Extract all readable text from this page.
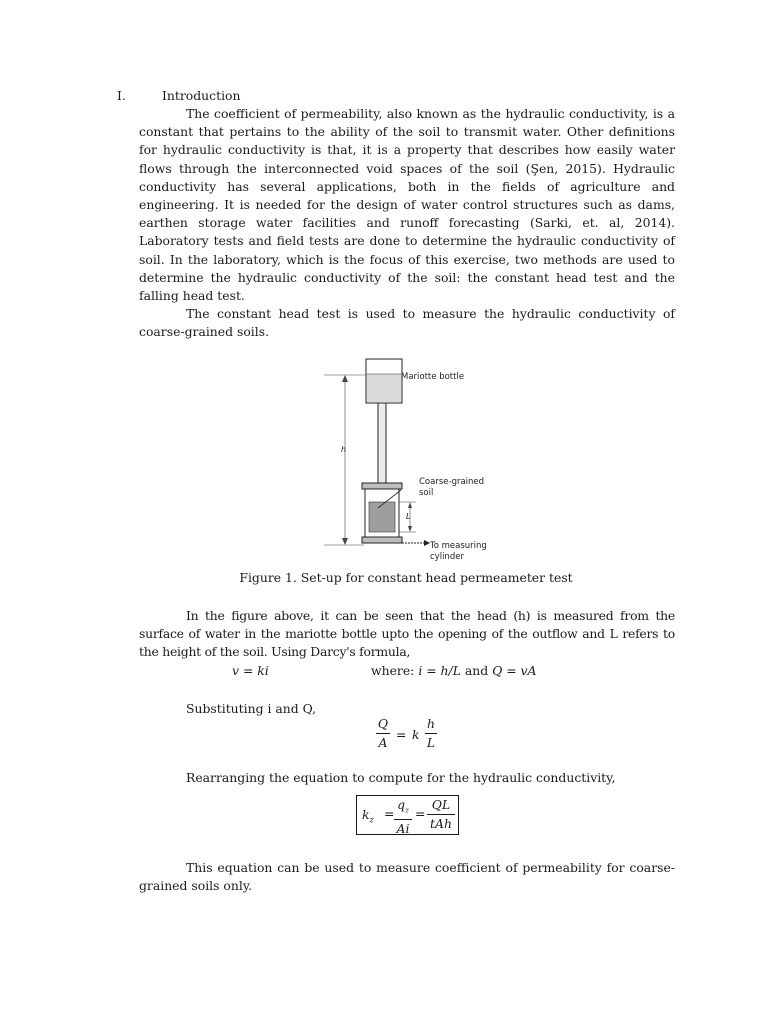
I.	Introduction

The coefficient of permeability, also known as the hydraulic conductivity, is a constant that pertains to the ability of the soil to transmit water. Other definitions for hydraulic conductivity is that, it is a property that describes how easily water flows through the interconnected void spaces of the soil (Şen, 2015). Hydraulic conductivity has several applications, both in the fields of agriculture and engineering. It is needed for the design of water control structures such as dams, earthen storage water facilities and runoff forecasting (Sarki, et. al, 2014). Laboratory tests and field tests are done to determine the hydraulic conductivity of soil. In the laboratory, which is the focus of this exercise, two methods are used to determine the hydraulic conductivity of the soil: the constant head test and the falling head test.

The constant head test is used to measure the hydraulic conductivity of coarse-grained soils.

h
L
Mariotte bottle
Coarse-grained
soil
To measuring
cylinder
Figure 1. Set-up for constant head permeameter test

In the figure above, it can be seen that the head (h) is measured from the surface of water in the mariotte bottle upto the opening of the outflow and L refers to the height of the soil. Using Darcy's formula,

v = ki	where: i = h/L and Q = vA

Substituting i and Q,

Q
A
= k
h
L

Rearranging the equation to compute for the hydraulic conductivity,

$k_z$ =
$q_z$
Ai
=
QL
tAh

This equation can be used to measure coefficient of permeability for coarse-grained soils only.
